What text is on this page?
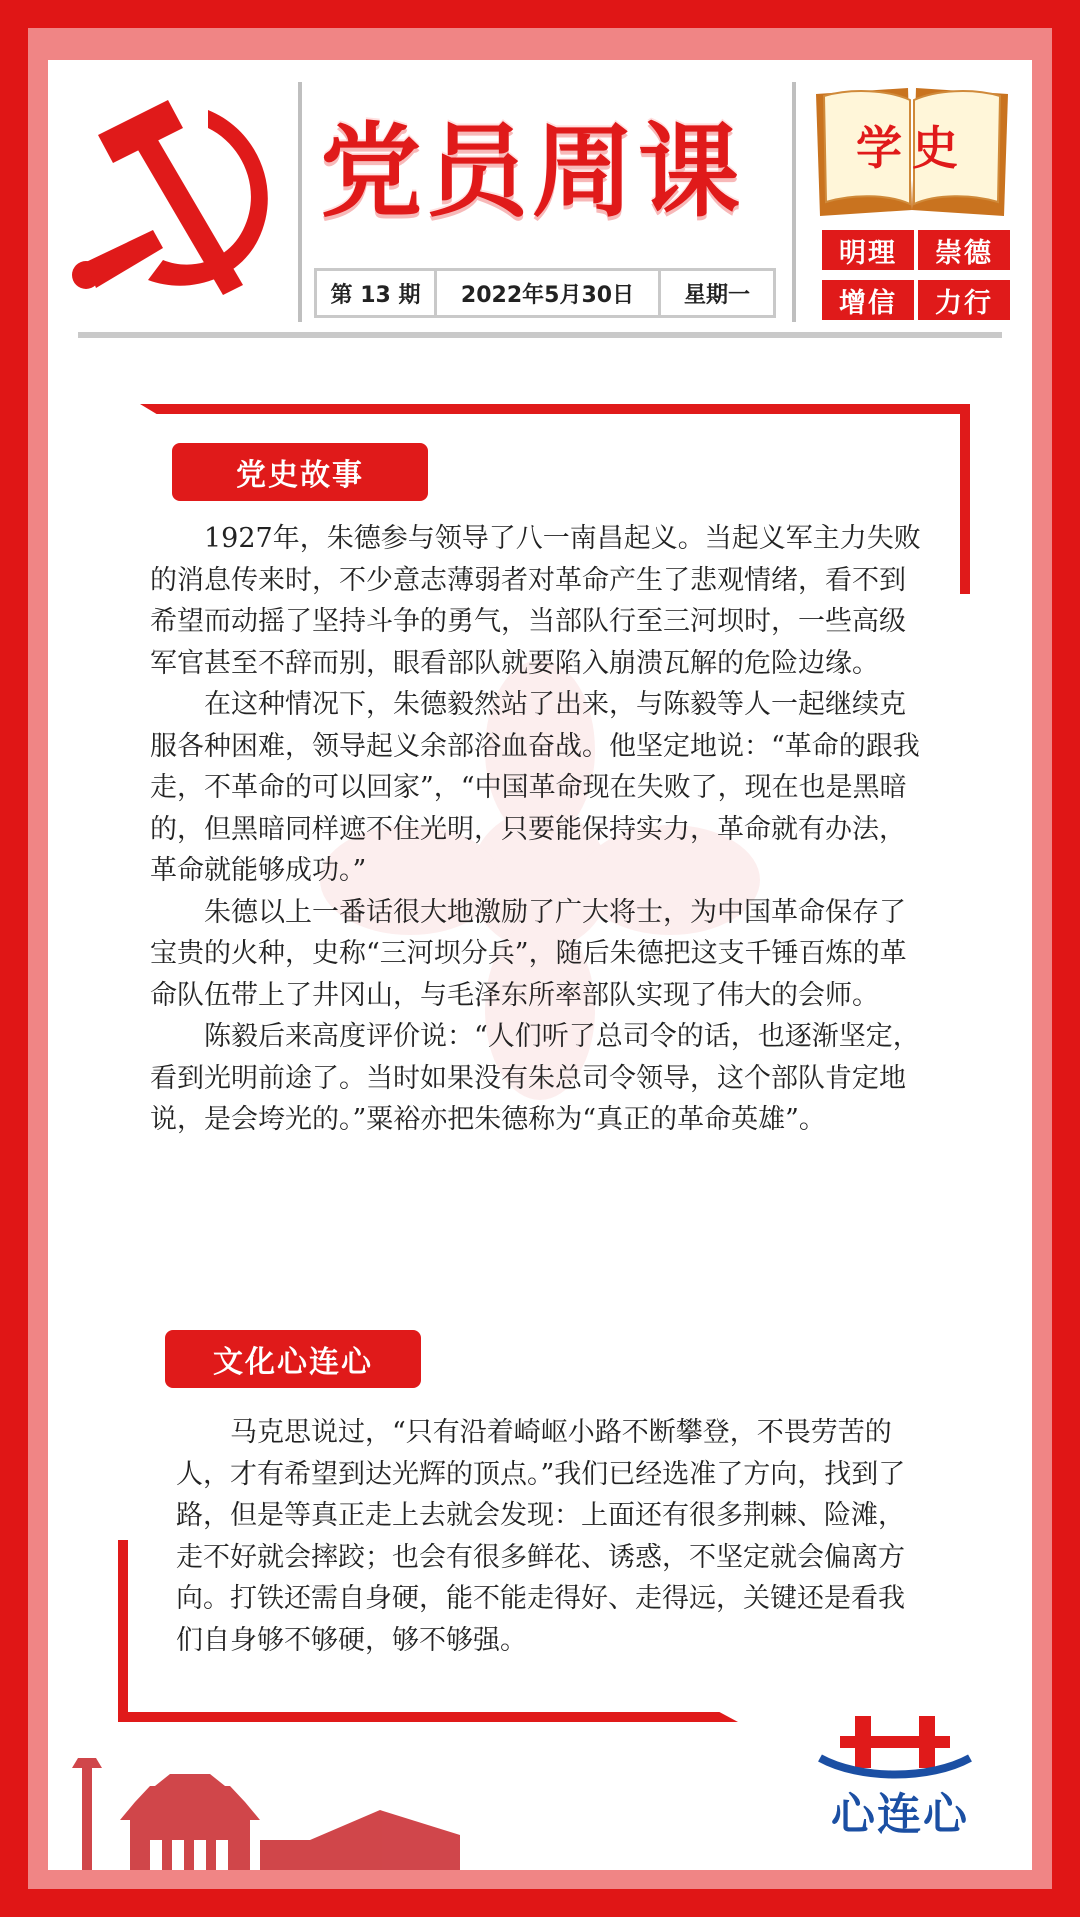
党员周课
第 13 期	2022年5月30日	星期一
学史
明理	崇德
增信	力行
党史故事

1927年，朱德参与领导了八一南昌起义。当起义军主力失败的消息传来时，不少意志薄弱者对革命产生了悲观情绪，看不到希望而动摇了坚持斗争的勇气，当部队行至三河坝时，一些高级军官甚至不辞而别，眼看部队就要陷入崩溃瓦解的危险边缘。

在这种情况下，朱德毅然站了出来，与陈毅等人一起继续克服各种困难，领导起义余部浴血奋战。他坚定地说：“革命的跟我走，不革命的可以回家”，“中国革命现在失败了，现在也是黑暗的，但黑暗同样遮不住光明，只要能保持实力，革命就有办法，革命就能够成功。”

朱德以上一番话很大地激励了广大将士，为中国革命保存了宝贵的火种，史称“三河坝分兵”，随后朱德把这支千锤百炼的革命队伍带上了井冈山，与毛泽东所率部队实现了伟大的会师。

陈毅后来高度评价说：“人们听了总司令的话，也逐渐坚定，看到光明前途了。当时如果没有朱总司令领导，这个部队肯定地说，是会垮光的。”粟裕亦把朱德称为“真正的革命英雄”。

文化心连心

马克思说过，“只有沿着崎岖小路不断攀登，不畏劳苦的人，才有希望到达光辉的顶点。”我们已经选准了方向，找到了路，但是等真正走上去就会发现：上面还有很多荆棘、险滩，走不好就会摔跤；也会有很多鲜花、诱惑，不坚定就会偏离方向。打铁还需自身硬，能不能走得好、走得远，关键还是看我们自身够不够硬，够不够强。

心连心
